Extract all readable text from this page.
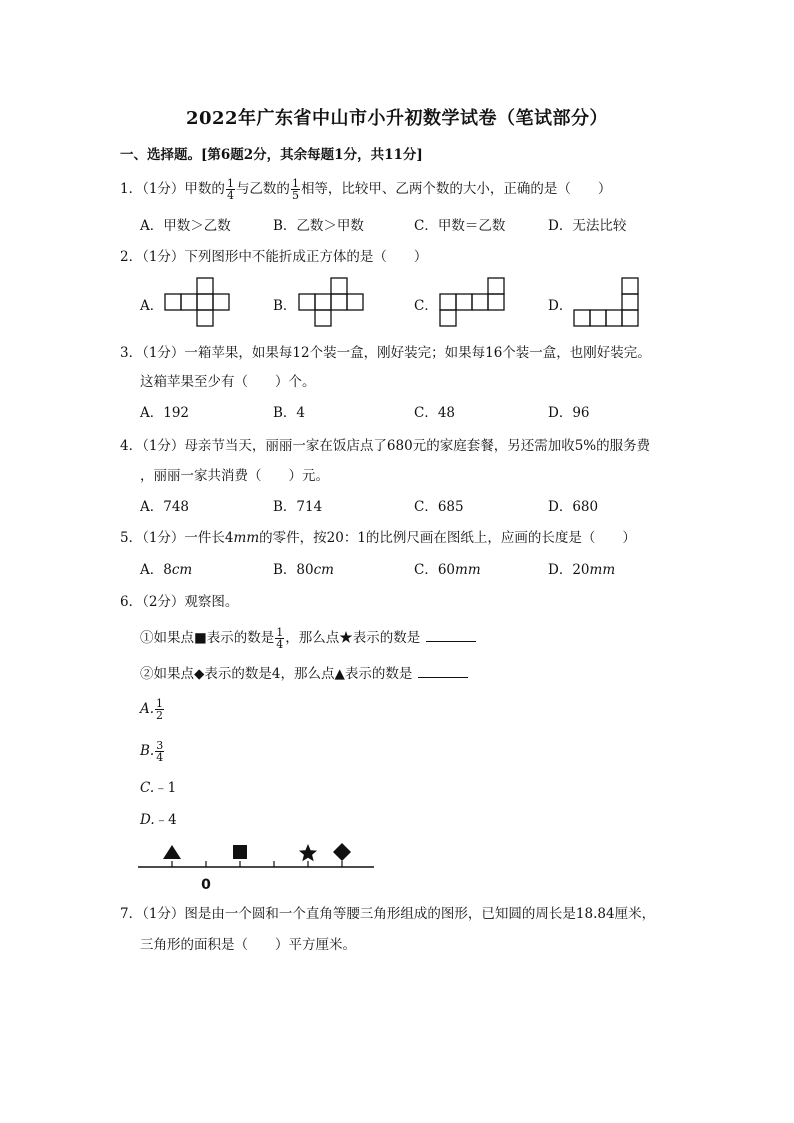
2022年广东省中山市小升初数学试卷（笔试部分）
一、选择题。[第6题2分，其余每题1分，共11分]
1．（1分）甲数的 $\frac{1}{4}$ 与乙数的 $\frac{1}{5}$ 相等，比较甲、乙两个数的大小，正确的是（　　）
A．甲数＞乙数	B．乙数＞甲数	C．甲数＝乙数	D．无法比较
2．（1分）下列图形中不能折成正方体的是（　　）
A．	B．	C．	D．
3．（1分）一箱苹果，如果每12个装一盒，刚好装完；如果每16个装一盒，也刚好装完。
这箱苹果至少有（　　）个。
A．192	B．4	C．48	D．96
4．（1分）母亲节当天，丽丽一家在饭店点了680元的家庭套餐，另还需加收5%的服务费
，丽丽一家共消费（　　）元。
A．748	B．714	C．685	D．680
5．（1分）一件长4mm的零件，按20：1的比例尺画在图纸上，应画的长度是（　　）
A．8cm	B．80cm	C．60mm	D．20mm
6．（2分）观察图。
①如果点■表示的数是 $\frac{1}{4}$ ，那么点★表示的数是
②如果点◆表示的数是4，那么点▲表示的数是
A. $\frac{1}{2}$
B. $\frac{3}{4}$
C.﹣1
D.﹣4
0
7．（1分）图是由一个圆和一个直角等腰三角形组成的图形，已知圆的周长是18.84厘米，
三角形的面积是（　　）平方厘米。
